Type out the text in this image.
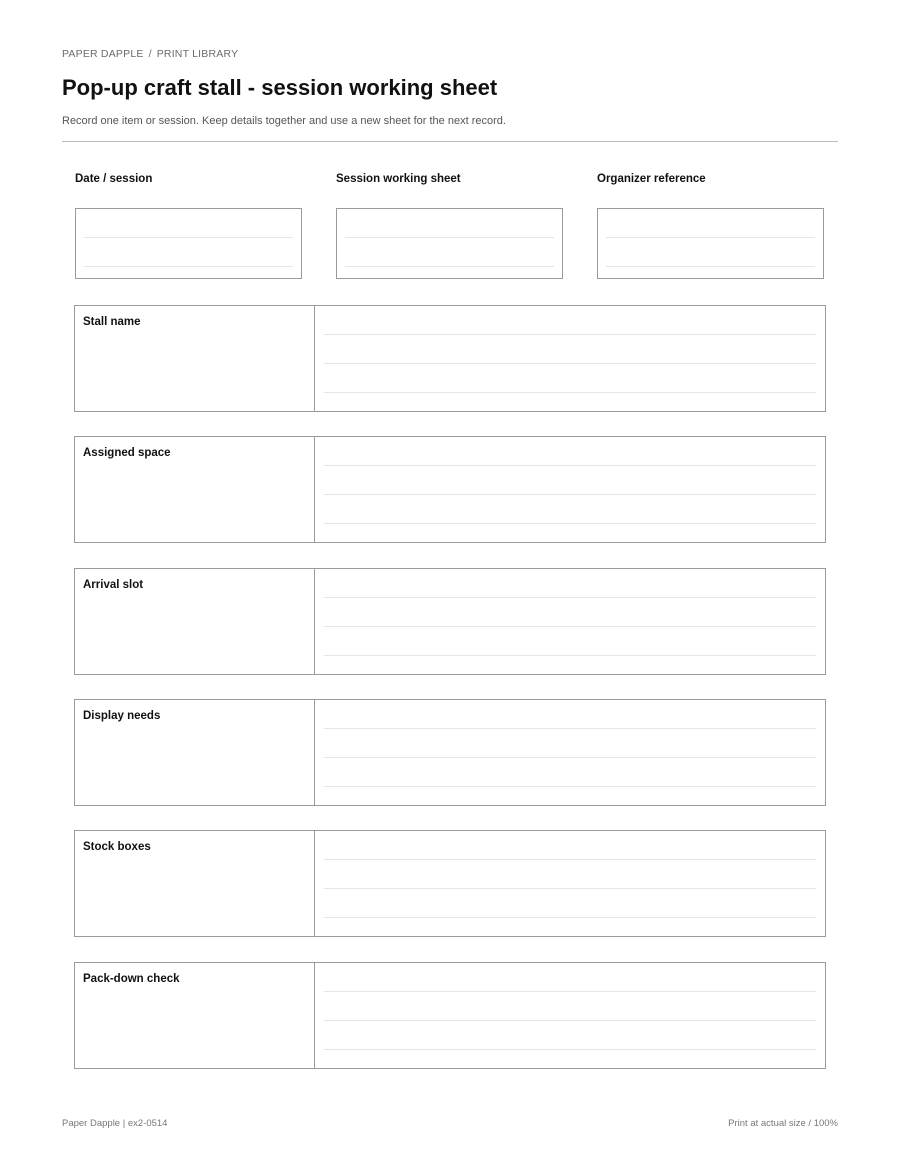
PAPER DAPPLE / PRINT LIBRARY
Pop-up craft stall - session working sheet
Record one item or session. Keep details together and use a new sheet for the next record.
Date / session	Session working sheet	Organizer reference
Stall name
Assigned space
Arrival slot
Display needs
Stock boxes
Pack-down check
Paper Dapple | ex2-0514	Print at actual size / 100%
